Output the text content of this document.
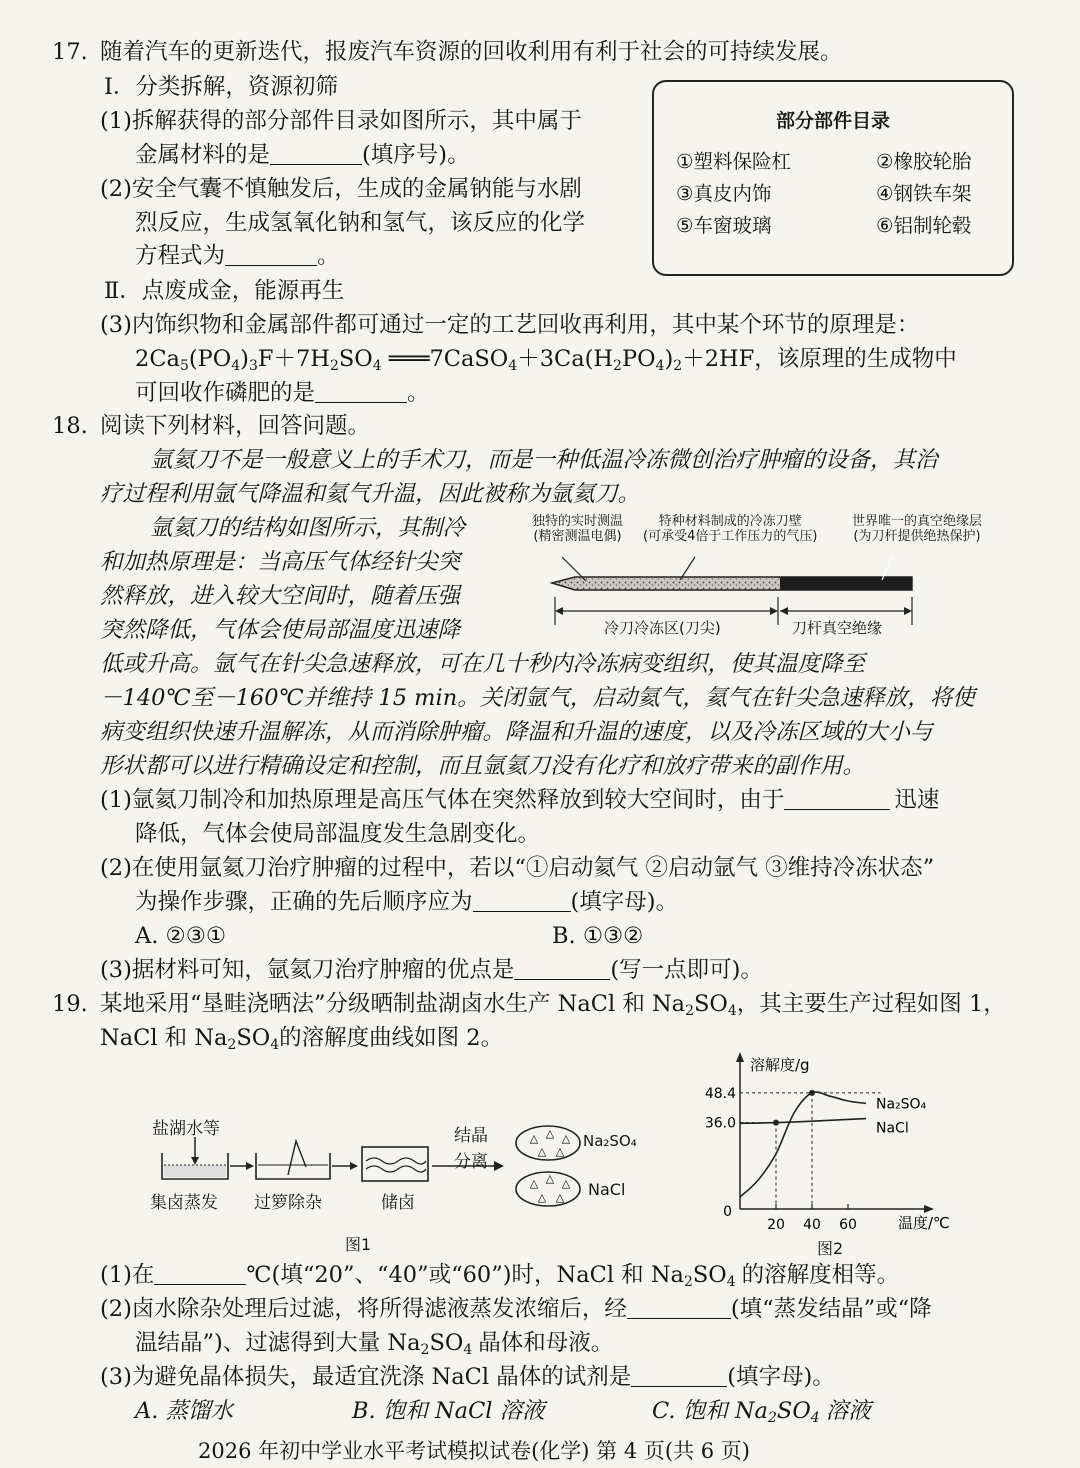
17. 随着汽车的更新迭代，报废汽车资源的回收利用有利于社会的可持续发展。
Ⅰ．分类拆解，资源初筛
(1)拆解获得的部分部件目录如图所示，其中属于
金属材料的是	(填序号)。
(2)安全气囊不慎触发后，生成的金属钠能与水剧
烈反应，生成氢氧化钠和氢气，该反应的化学
方程式为	。
部分部件目录
①塑料保险杠	②橡胶轮胎
③真皮内饰	④钢铁车架
⑤车窗玻璃	⑥铝制轮毂
Ⅱ．点废成金，能源再生
(3)内饰织物和金属部件都可通过一定的工艺回收再利用，其中某个环节的原理是：
$2Ca_5(PO_4)_3F+7H_2SO_4$ $═══7CaSO_4+3Ca(H_2PO_4)_2+2HF$，该原理的生成物中
可回收作磷肥的是	。
18. 阅读下列材料，回答问题。
氩氦刀不是一般意义上的手术刀，而是一种低温冷冻微创治疗肿瘤的设备，其治
疗过程利用氩气降温和氦气升温，因此被称为氩氦刀。
氩氦刀的结构如图所示，其制冷
和加热原理是：当高压气体经针尖突
然释放，进入较大空间时，随着压强
突然降低，气体会使局部温度迅速降
低或升高。氩气在针尖急速释放，可在几十秒内冷冻病变组织，使其温度降至
－140℃至－160℃并维持 15 min。关闭氩气，启动氦气，氦气在针尖急速释放，将使
病变组织快速升温解冻，从而消除肿瘤。降温和升温的速度，以及冷冻区域的大小与
形状都可以进行精确设定和控制，而且氩氦刀没有化疗和放疗带来的副作用。
独特的实时测温
(精密测温电偶)
特种材料制成的冷冻刀壁
(可承受4倍于工作压力的气压)
世界唯一的真空绝缘层
(为刀杆提供绝热保护)
冷刀冷冻区(刀尖)	刀杆真空绝缘
(1)氩氦刀制冷和加热原理是高压气体在突然释放到较大空间时，由于	迅速
降低，气体会使局部温度发生急剧变化。
(2)在使用氩氦刀治疗肿瘤的过程中，若以“①启动氦气 ②启动氩气 ③维持冷冻状态”
为操作步骤，正确的先后顺序应为	(填字母)。
A. ②③①	B. ①③②
(3)据材料可知，氩氦刀治疗肿瘤的优点是	(写一点即可)。
19. 某地采用“垦畦浇晒法”分级晒制盐湖卤水生产 NaCl 和 $Na_2SO_4$，其主要生产过程如图 1，
NaCl 和 $Na_2SO_4$的溶解度曲线如图 2。
盐湖水等	△ △ △
△ △
△ △ △
△ △
结晶
分离
Na₂SO₄
NaCl
集卤蒸发 过箩除杂	储卤
图1
溶解度/g
温度/℃
0
20 40 60
36.0
48.4
Na₂SO₄
NaCl
图2
(1)在	℃(填“20”、“40”或“60”)时，NaCl 和 $Na_2SO_4$ 的溶解度相等。
(2)卤水除杂处理后过滤，将所得滤液蒸发浓缩后，经	(填“蒸发结晶”或“降
温结晶”)、过滤得到大量 $Na_2SO_4$ 晶体和母液。
(3)为避免晶体损失，最适宜洗涤 NaCl 晶体的试剂是	(填字母)。
A. 蒸馏水	B. 饱和 NaCl 溶液	C. 饱和 $Na_2SO_4$ 溶液
2026 年初中学业水平考试模拟试卷(化学) 第 4 页(共 6 页)
